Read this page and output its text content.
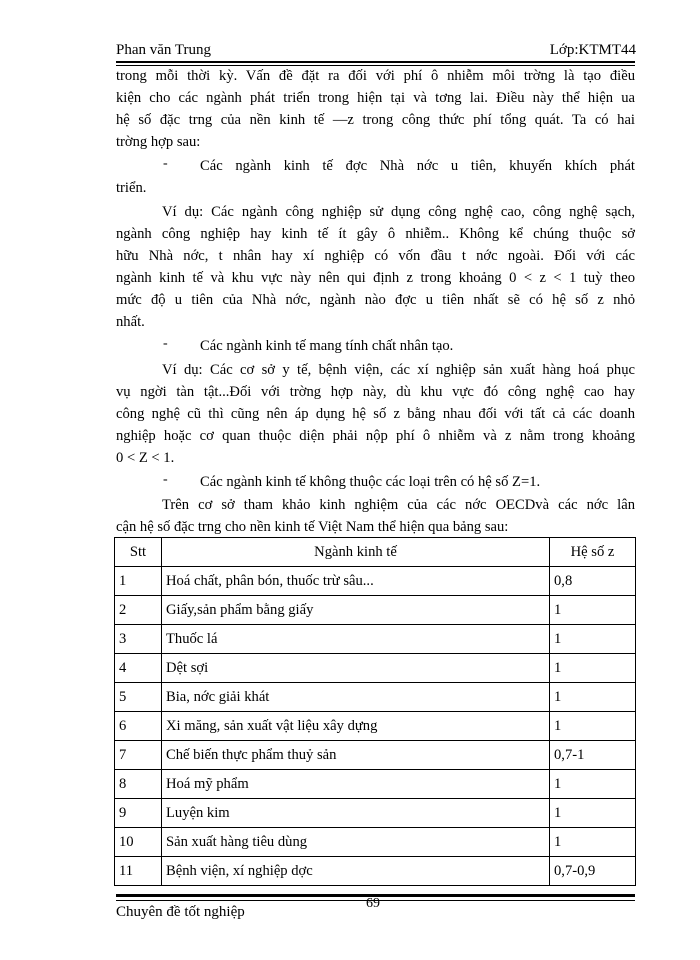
Phan văn Trung	Lớp:KTMT44
trong mỗi thời kỳ. Vấn đề đặt ra đối với phí ô nhiễm môi trờng là tạo điều
kiện cho các ngành phát triển trong hiện tại và tơng lai. Điều này thể hiện ua
hệ số đặc trng của nền kinh tế —z trong công thức phí tổng quát. Ta có hai
trờng hợp sau:
- Các ngành kinh tế đợc Nhà nớc u tiên, khuyến khích phát
triển.
Ví dụ: Các ngành công nghiệp sử dụng công nghệ cao, công nghệ sạch,
ngành công nghiệp hay kinh tế ít gây ô nhiễm.. Không kể chúng thuộc sở
hữu Nhà nớc, t nhân hay xí nghiệp có vốn đầu t nớc ngoài. Đối với các
ngành kinh tế và khu vực này nên qui định z trong khoảng 0 < z < 1 tuỳ theo
mức độ u tiên của Nhà nớc, ngành nào đợc u tiên nhất sẽ có hệ số z nhỏ
nhất.
- Các ngành kinh tế mang tính chất nhân tạo.
Ví dụ: Các cơ sở y tế, bệnh viện, các xí nghiệp sản xuất hàng hoá phục
vụ ngời tàn tật...Đối với trờng hợp này, dù khu vực đó công nghệ cao hay
công nghệ cũ thì cũng nên áp dụng hệ số z bằng nhau đối với tất cả các doanh
nghiệp hoặc cơ quan thuộc diện phải nộp phí ô nhiễm và z nằm trong khoảng
0 < Z < 1.
- Các ngành kinh tế không thuộc các loại trên có hệ số Z=1.
Trên cơ sở tham khảo kinh nghiệm của các nớc OECDvà các nớc lân
cận hệ số đặc trng cho nền kinh tế Việt Nam thể hiện qua bảng sau:
Stt	Ngành kinh tế	Hệ số z
1	Hoá chất, phân bón, thuốc trừ sâu...	0,8
2	Giấy,sản phẩm bằng giấy	1
3	Thuốc lá	1
4	Dệt sợi	1
5	Bia, nớc giải khát	1
6	Xi măng, sản xuất vật liệu xây dựng	1
7	Chế biến thực phẩm thuỷ sản	0,7-1
8	Hoá mỹ phẩm	1
9	Luyện kim	1
10	Sản xuất hàng tiêu dùng	1
11	Bệnh viện, xí nghiệp dợc	0,7-0,9
69
Chuyên đề tốt nghiệp
